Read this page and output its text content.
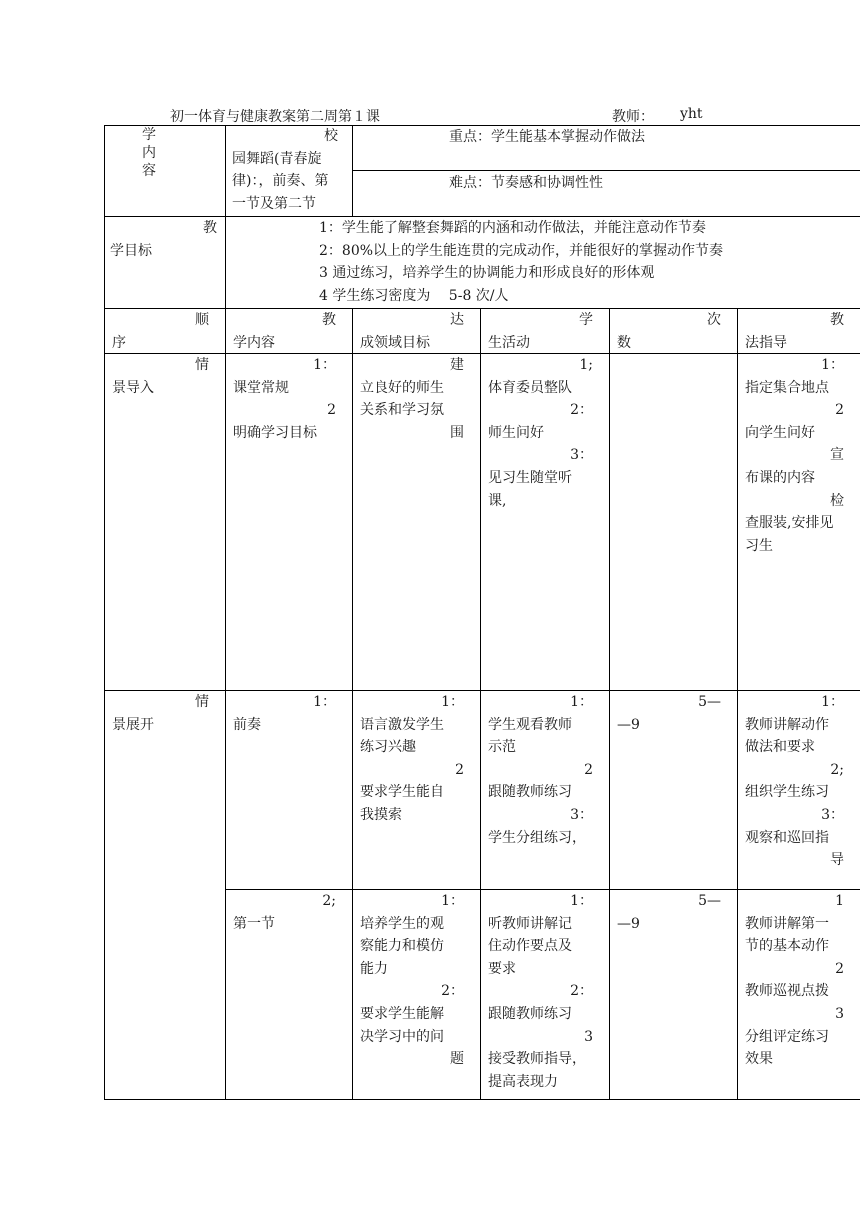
初一体育与健康教案第二周第１课	教师： yht
学
内
容
校
园舞蹈(青春旋
律)：，前奏、第
一节及第二节
重点：学生能基本掌握动作做法
难点：节奏感和协调性性
教
学目标
1：学生能了解整套舞蹈的内涵和动作做法，并能注意动作节奏
2：80%以上的学生能连贯的完成动作，并能很好的掌握动作节奏
3 通过练习，培养学生的协调能力和形成良好的形体观
4 学生练习密度为　 5-8 次/人
顺
序
教
学内容
达
成领域目标
学
生活动
次
数
教
法指导
情
景导入
1：
课堂常规
2
明确学习目标
建
立良好的师生
关系和学习氛
围
1;
体育委员整队
2：
师生问好
3：
见习生随堂听
课,
1：
指定集合地点
2
向学生问好
宣
布课的内容
检
查服装,安排见
习生
情
景展开
1：
前奏
1：
语言激发学生
练习兴趣
2
要求学生能自
我摸索
1：
学生观看教师
示范
2
跟随教师练习
3：
学生分组练习，
5—
—9
1：
教师讲解动作
做法和要求
2;
组织学生练习
3：
观察和巡回指
导
2;
第一节
1：
培养学生的观
察能力和模仿
能力
2：
要求学生能解
决学习中的问
题
1：
听教师讲解记
住动作要点及
要求
2：
跟随教师练习
3
接受教师指导，
提高表现力
5—
—9
1
教师讲解第一
节的基本动作
2
教师巡视点拨
3
分组评定练习
效果
